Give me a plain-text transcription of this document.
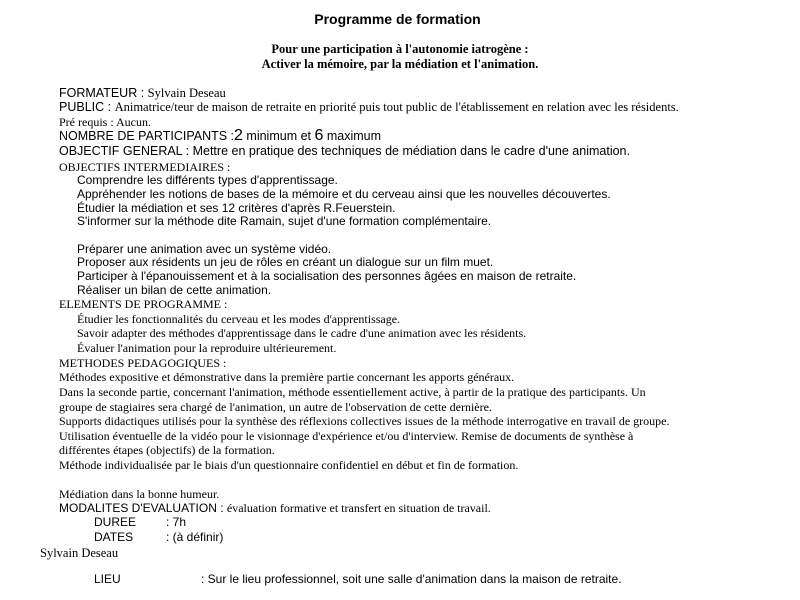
Programme de formation
Pour une participation à l'autonomie iatrogène :
Activer la mémoire, par la médiation et l'animation.
FORMATEUR : Sylvain Deseau
PUBLIC : Animatrice/teur de maison de retraite en priorité puis tout public de l'établissement en relation avec les résidents.
Pré requis : Aucun.
NOMBRE DE PARTICIPANTS :2 minimum et 6 maximum
OBJECTIF GENERAL : Mettre en pratique des techniques de médiation dans le cadre d'une animation.
OBJECTIFS INTERMEDIAIRES :
Comprendre les différents types d'apprentissage.
Appréhender les notions de bases de la mémoire et du cerveau ainsi que les nouvelles découvertes.
Étudier la médiation et ses 12 critères d'après R.Feuerstein.
S'informer sur la méthode dite Ramain, sujet d'une formation complémentaire.
Préparer une animation avec un système vidéo.
Proposer aux résidents un jeu de rôles en créant un dialogue sur un film muet.
Participer à l'épanouissement et à la socialisation des personnes âgées en maison de retraite.
Réaliser un bilan de cette animation.
ELEMENTS DE PROGRAMME :
Étudier les fonctionnalités du cerveau et les modes d'apprentissage.
Savoir adapter des méthodes d'apprentissage dans le cadre d'une animation avec les résidents.
Évaluer l'animation pour la reproduire ultérieurement.
METHODES PEDAGOGIQUES :
Méthodes expositive et démonstrative dans la première partie concernant les apports généraux.
Dans la seconde partie, concernant l'animation, méthode essentiellement active, à partir de la pratique des participants. Un
groupe de stagiaires sera chargé de l'animation, un autre de l'observation de cette dernière.
Supports didactiques utilisés pour la synthèse des réflexions collectives issues de la méthode interrogative en travail de groupe.
Utilisation éventuelle de la vidéo pour le visionnage d'expérience et/ou d'interview. Remise de documents de synthèse à
différentes étapes (objectifs) de la formation.
Méthode individualisée par le biais d'un questionnaire confidentiel en début et fin de formation.
Médiation dans la bonne humeur.
MODALITES D'EVALUATION : évaluation formative et transfert en situation de travail.
DUREE : 7h
DATES	: (à définir)
Sylvain Deseau
LIEU	: Sur le lieu professionnel, soit une salle d'animation dans la maison de retraite.
